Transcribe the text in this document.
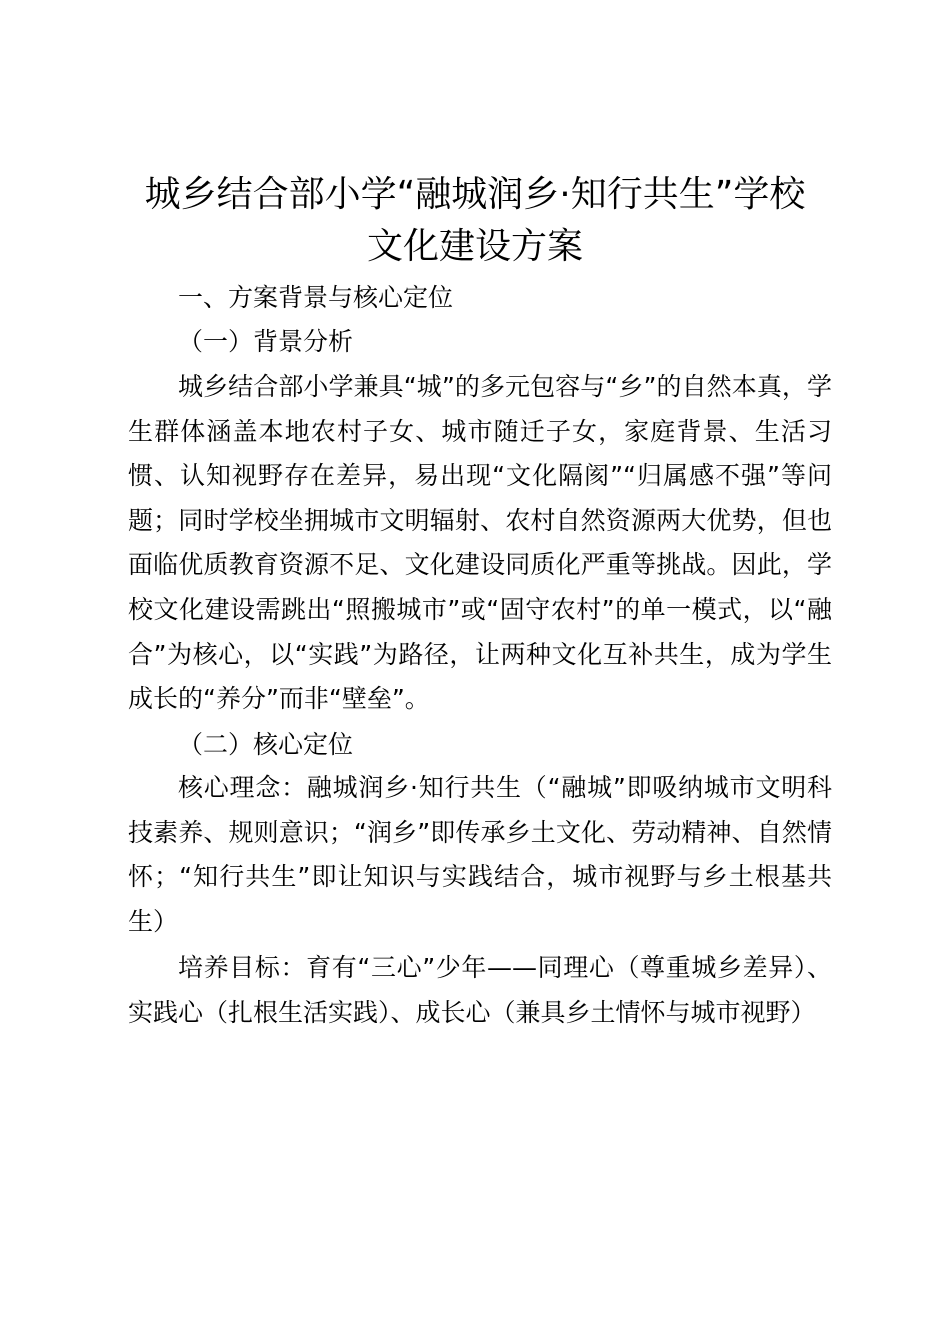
城乡结合部小学“融城润乡·知行共生”学校
文化建设方案
一、方案背景与核心定位
（一）背景分析
城乡结合部小学兼具“城”的多元包容与“乡”的自然本真，学生群体涵盖本地农村子女、城市随迁子女，家庭背景、生活习惯、认知视野存在差异，易出现“文化隔阂”“归属感不强”等问题；同时学校坐拥城市文明辐射、农村自然资源两大优势，但也面临优质教育资源不足、文化建设同质化严重等挑战。因此，学校文化建设需跳出“照搬城市”或“固守农村”的单一模式，以“融合”为核心，以“实践”为路径，让两种文化互补共生，成为学生成长的“养分”而非“壁垒”。
（二）核心定位
核心理念：融城润乡·知行共生（“融城”即吸纳城市文明科技素养、规则意识；“润乡”即传承乡土文化、劳动精神、自然情怀；“知行共生”即让知识与实践结合，城市视野与乡土根基共生）
培养目标：育有“三心”少年——同理心（尊重城乡差异）、实践心（扎根生活实践）、成长心（兼具乡土情怀与城市视野）
